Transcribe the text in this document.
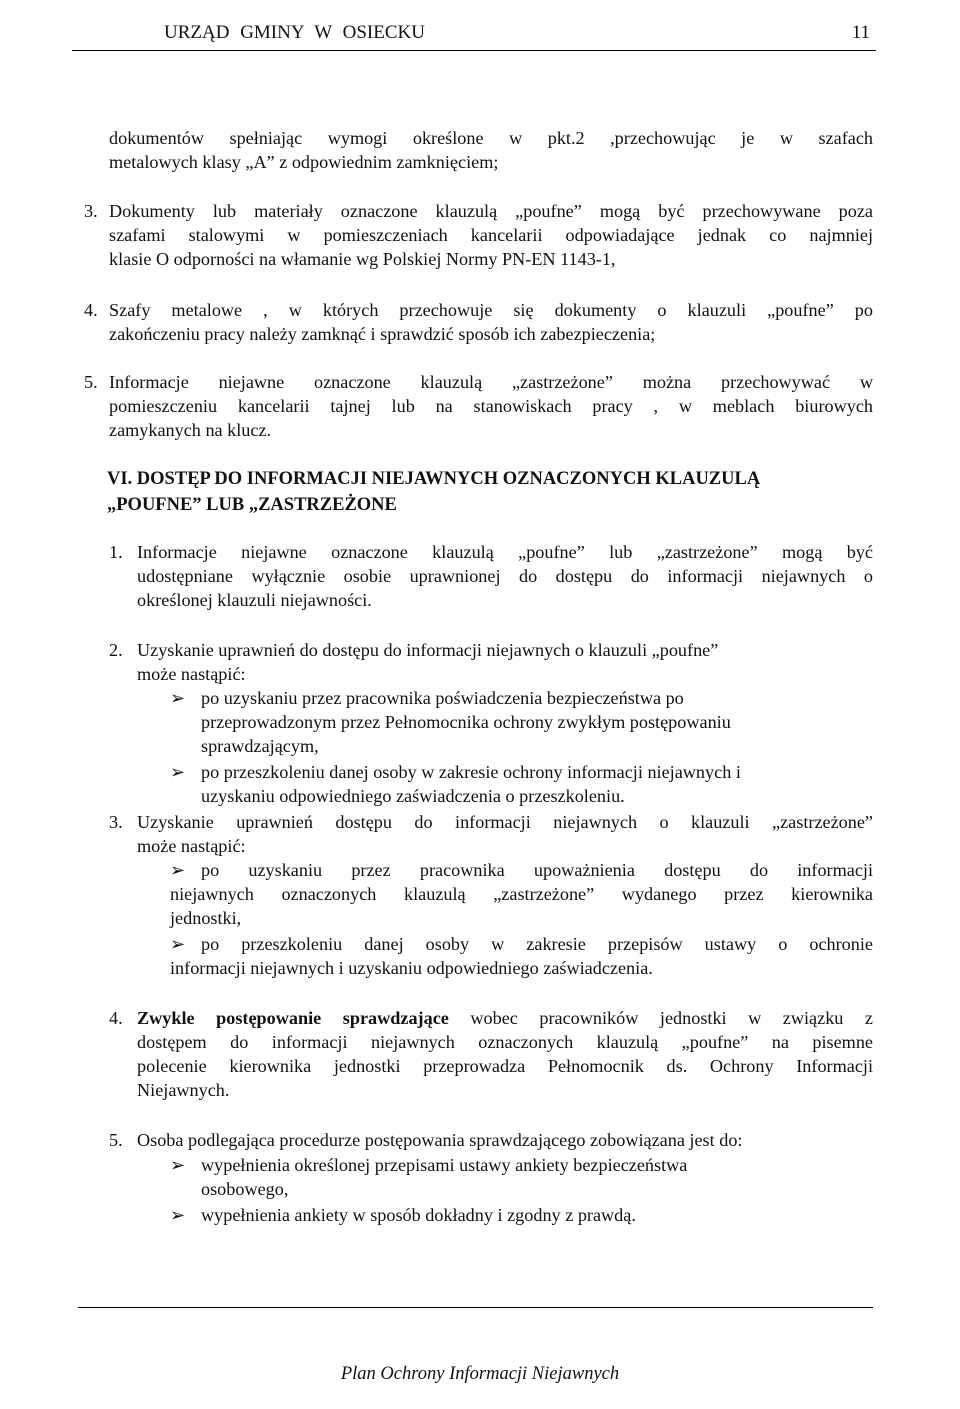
URZĄD GMINY W OSIECKU	11
dokumentów spełniając wymogi określone w pkt.2 ,przechowując je w szafach
metalowych klasy „A” z odpowiednim zamknięciem;
3. Dokumenty lub materiały oznaczone klauzulą „poufne” mogą być przechowywane poza
szafami stalowymi w pomieszczeniach kancelarii odpowiadające jednak co najmniej
klasie O odporności na włamanie wg Polskiej Normy PN-EN 1143-1,
4. Szafy metalowe , w których przechowuje się dokumenty o klauzuli „poufne” po
zakończeniu pracy należy zamknąć i sprawdzić sposób ich zabezpieczenia;
5. Informacje niejawne oznaczone klauzulą „zastrzeżone” można przechowywać w
pomieszczeniu kancelarii tajnej lub na stanowiskach pracy , w meblach biurowych
zamykanych na klucz.
VI. DOSTĘP DO INFORMACJI NIEJAWNYCH OZNACZONYCH KLAUZULĄ
„POUFNE” LUB „ZASTRZEŻONE
1. Informacje niejawne oznaczone klauzulą „poufne” lub „zastrzeżone” mogą być
udostępniane wyłącznie osobie uprawnionej do dostępu do informacji niejawnych o
określonej klauzuli niejawności.
2. Uzyskanie uprawnień do dostępu do informacji niejawnych o klauzuli „poufne”
może nastąpić:
➢ po uzyskaniu przez pracownika poświadczenia bezpieczeństwa po
przeprowadzonym przez Pełnomocnika ochrony zwykłym postępowaniu
sprawdzającym,
➢ po przeszkoleniu danej osoby w zakresie ochrony informacji niejawnych i
uzyskaniu odpowiedniego zaświadczenia o przeszkoleniu.
3. Uzyskanie uprawnień dostępu do informacji niejawnych o klauzuli „zastrzeżone”
może nastąpić:
➢ po uzyskaniu przez pracownika upoważnienia dostępu do informacji
niejawnych oznaczonych klauzulą „zastrzeżone” wydanego przez kierownika
jednostki,
➢ po przeszkoleniu danej osoby w zakresie przepisów ustawy o ochronie
informacji niejawnych i uzyskaniu odpowiedniego zaświadczenia.
4. Zwykle postępowanie sprawdzające wobec pracowników jednostki w związku z
dostępem do informacji niejawnych oznaczonych klauzulą „poufne” na pisemne
polecenie kierownika jednostki przeprowadza Pełnomocnik ds. Ochrony Informacji
Niejawnych.
5. Osoba podlegająca procedurze postępowania sprawdzającego zobowiązana jest do:
➢ wypełnienia określonej przepisami ustawy ankiety bezpieczeństwa
osobowego,
➢ wypełnienia ankiety w sposób dokładny i zgodny z prawdą.
Plan Ochrony Informacji Niejawnych
